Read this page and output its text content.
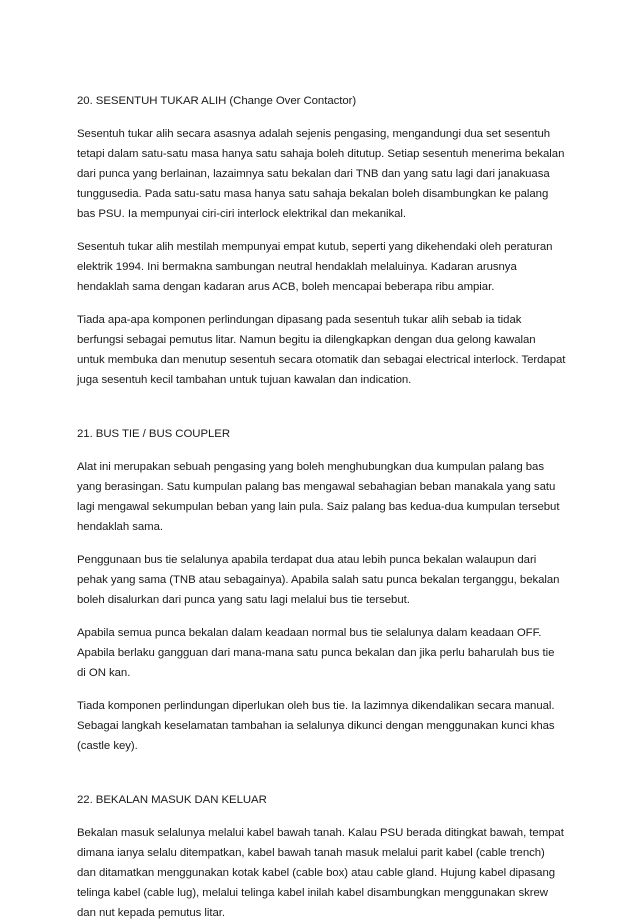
20. SESENTUH TUKAR ALIH (Change Over Contactor)

Sesentuh tukar alih secara asasnya adalah sejenis pengasing, mengandungi dua set sesentuh tetapi dalam satu-satu masa hanya satu sahaja boleh ditutup. Setiap sesentuh menerima bekalan dari punca yang berlainan, lazaimnya satu bekalan dari TNB dan yang satu lagi dari janakuasa tunggusedia. Pada satu-satu masa hanya satu sahaja bekalan boleh disambungkan ke palang bas PSU. Ia mempunyai ciri-ciri interlock elektrikal dan mekanikal.

Sesentuh tukar alih mestilah mempunyai empat kutub, seperti yang dikehendaki oleh peraturan elektrik 1994. Ini bermakna sambungan neutral hendaklah melaluinya. Kadaran arusnya hendaklah sama dengan kadaran arus ACB, boleh mencapai beberapa ribu ampiar.

Tiada apa-apa komponen perlindungan dipasang pada sesentuh tukar alih sebab ia tidak berfungsi sebagai pemutus litar. Namun begitu ia dilengkapkan dengan dua gelong kawalan untuk membuka dan menutup sesentuh secara otomatik dan sebagai electrical interlock. Terdapat juga sesentuh kecil tambahan untuk tujuan kawalan dan indication.

21. BUS TIE / BUS COUPLER

Alat ini merupakan sebuah pengasing yang boleh menghubungkan dua kumpulan palang bas yang berasingan. Satu kumpulan palang bas mengawal sebahagian beban manakala yang satu lagi mengawal sekumpulan beban yang lain pula. Saiz palang bas kedua-dua kumpulan tersebut hendaklah sama.

Penggunaan bus tie selalunya apabila terdapat dua atau lebih punca bekalan walaupun dari pehak yang sama (TNB atau sebagainya). Apabila salah satu punca bekalan terganggu, bekalan boleh disalurkan dari punca yang satu lagi melalui bus tie tersebut.

Apabila semua punca bekalan dalam keadaan normal bus tie selalunya dalam keadaan OFF. Apabila berlaku gangguan dari mana-mana satu punca bekalan dan jika perlu baharulah bus tie di ON kan.

Tiada komponen perlindungan diperlukan oleh bus tie. Ia lazimnya dikendalikan secara manual. Sebagai langkah keselamatan tambahan ia selalunya dikunci dengan menggunakan kunci khas (castle key).

22. BEKALAN MASUK DAN KELUAR

Bekalan masuk selalunya melalui kabel bawah tanah. Kalau PSU berada ditingkat bawah, tempat dimana ianya selalu ditempatkan, kabel bawah tanah masuk melalui parit kabel (cable trench) dan ditamatkan menggunakan kotak kabel (cable box) atau cable gland. Hujung kabel dipasang telinga kabel (cable lug), melalui telinga kabel inilah kabel disambungkan menggunakan skrew dan nut kepada pemutus litar.
